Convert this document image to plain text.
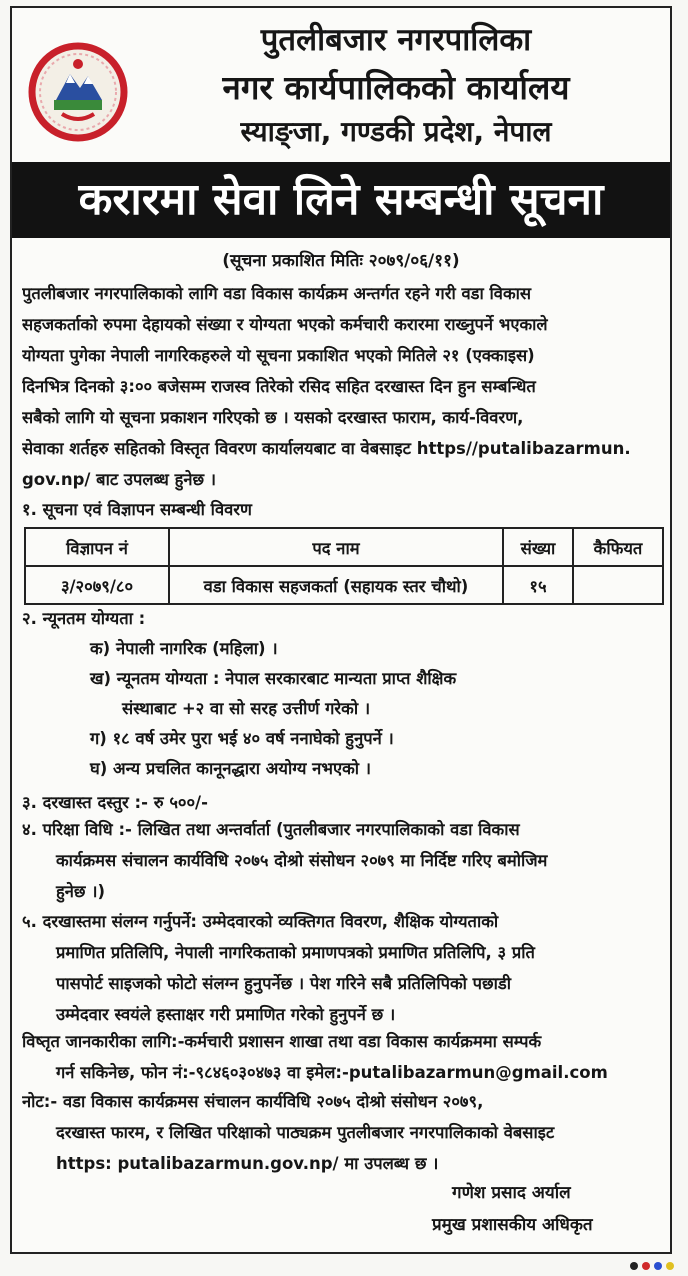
पुतलीबजार नगरपालिका
नगर कार्यपालिकको कार्यालय
स्याङ्जा, गण्डकी प्रदेश, नेपाल
करारमा सेवा लिने सम्बन्धी सूचना
(सूचना प्रकाशित मितिः २०७९/०६/११)
पुतलीबजार नगरपालिकाको लागि वडा विकास कार्यक्रम अन्तर्गत रहने गरी वडा विकास
सहजकर्ताको रुपमा देहायको संख्या र योग्यता भएको कर्मचारी करारमा राख्नुपर्ने भएकाले
योग्यता पुगेका नेपाली नागरिकहरुले यो सूचना प्रकाशित भएको मितिले २१ (एक्काइस)
दिनभित्र दिनको ३:०० बजेसम्म राजस्व तिरेको रसिद सहित दरखास्त दिन हुन सम्बन्धित
सबैको लागि यो सूचना प्रकाशन गरिएको छ । यसको दरखास्त फाराम, कार्य-विवरण,
सेवाका शर्तहरु सहितको विस्तृत विवरण कार्यालयबाट वा वेबसाइट https//putalibazarmun.
gov.np/ बाट उपलब्ध हुनेछ ।
१. सूचना एवं विज्ञापन सम्बन्धी विवरण
विज्ञापन नं	पद नाम	संख्या	कैफियत
३/२०७९/८०	वडा विकास सहजकर्ता (सहायक स्तर चौथो)	१५	
२. न्यूनतम योग्यता :
क) नेपाली नागरिक (महिला) ।
ख) न्यूनतम योग्यता : नेपाल सरकारबाट मान्यता प्राप्त शैक्षिक
संस्थाबाट +२ वा सो सरह उत्तीर्ण गरेको ।
ग) १८ वर्ष उमेर पुरा भई ४० वर्ष ननाघेको हुनुपर्ने ।
घ) अन्य प्रचलित कानूनद्धारा अयोग्य नभएको ।
३. दरखास्त दस्तुर :- रु ५००/-
४. परिक्षा विधि :- लिखित तथा अन्तर्वार्ता (पुतलीबजार नगरपालिकाको वडा विकास
कार्यक्रमस संचालन कार्यविधि २०७५ दोश्रो संसोधन २०७९ मा निर्दिष्ट गरिए बमोजिम
हुनेछ ।)
५. दरखास्तमा संलग्न गर्नुपर्ने: उम्मेदवारको व्यक्तिगत विवरण, शैक्षिक योग्यताको
प्रमाणित प्रतिलिपि, नेपाली नागरिकताको प्रमाणपत्रको प्रमाणित प्रतिलिपि, ३ प्रति
पासपोर्ट साइजको फोटो संलग्न हुनुपर्नेछ । पेश गरिने सबै प्रतिलिपिको पछाडी
उम्मेदवार स्वयंले हस्ताक्षर गरी प्रमाणित गरेको हुनुपर्ने छ ।
विष्तृत जानकारीका लागि:-कर्मचारी प्रशासन शाखा तथा वडा विकास कार्यक्रममा सम्पर्क
गर्न सकिनेछ, फोन नं:-९८४६०३०४७३ वा इमेल:-putalibazarmun@gmail.com
नोट:- वडा विकास कार्यक्रमस संचालन कार्यविधि २०७५ दोश्रो संसोधन २०७९,
दरखास्त फारम, र लिखित परिक्षाको पाठ्यक्रम पुतलीबजार नगरपालिकाको वेबसाइट
https: putalibazarmun.gov.np/ मा उपलब्ध छ ।
गणेश प्रसाद अर्याल
प्रमुख प्रशासकीय अधिकृत
